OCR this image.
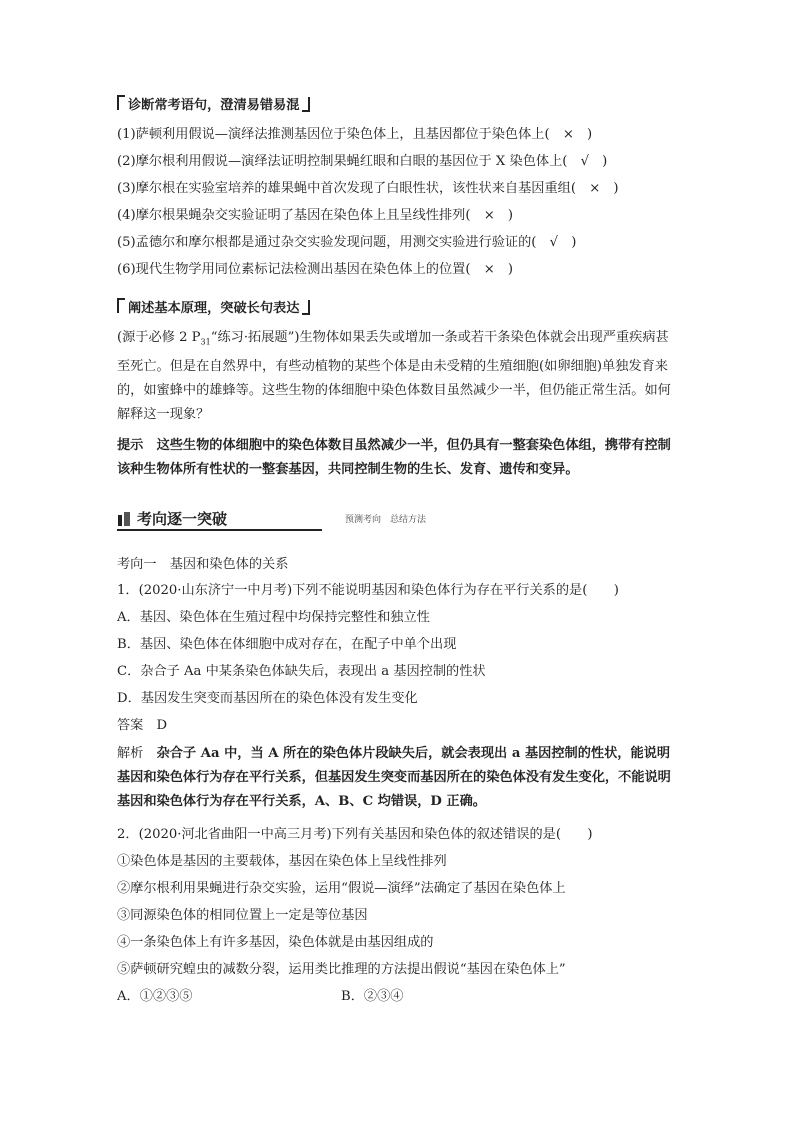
诊断常考语句，澄清易错易混
(1)萨顿利用假说—演绎法推测基因位于染色体上，且基因都位于染色体上(　×　)
(2)摩尔根利用假说—演绎法证明控制果蝇红眼和白眼的基因位于 X 染色体上(　√　)
(3)摩尔根在实验室培养的雄果蝇中首次发现了白眼性状，该性状来自基因重组(　×　)
(4)摩尔根果蝇杂交实验证明了基因在染色体上且呈线性排列(　×　)
(5)孟德尔和摩尔根都是通过杂交实验发现问题，用测交实验进行验证的(　√　)
(6)现代生物学用同位素标记法检测出基因在染色体上的位置(　×　)
阐述基本原理，突破长句表达
(源于必修 2 $P_{31}“$练习·拓展题”)生物体如果丢失或增加一条或若干条染色体就会出现严重疾病甚至死亡。但是在自然界中，有些动植物的某些个体是由未受精的生殖细胞(如卵细胞)单独发育来的，如蜜蜂中的雄蜂等。这些生物的体细胞中染色体数目虽然减少一半，但仍能正常生活。如何解释这一现象？
提示　这些生物的体细胞中的染色体数目虽然减少一半，但仍具有一整套染色体组，携带有控制该种生物体所有性状的一整套基因，共同控制生物的生长、发育、遗传和变异。
考向逐一突破	预测考向　总结方法
考向一　基因和染色体的关系
1．(2020·山东济宁一中月考)下列不能说明基因和染色体行为存在平行关系的是(　　)
A．基因、染色体在生殖过程中均保持完整性和独立性
B．基因、染色体在体细胞中成对存在，在配子中单个出现
C．杂合子 Aa 中某条染色体缺失后，表现出 a 基因控制的性状
D．基因发生突变而基因所在的染色体没有发生变化
答案　D
解析　杂合子 Aa 中，当 A 所在的染色体片段缺失后，就会表现出 a 基因控制的性状，能说明基因和染色体行为存在平行关系，但基因发生突变而基因所在的染色体没有发生变化，不能说明基因和染色体行为存在平行关系，A、B、C 均错误，D 正确。
2．(2020·河北省曲阳一中高三月考)下列有关基因和染色体的叙述错误的是(　　)
①染色体是基因的主要载体，基因在染色体上呈线性排列
②摩尔根利用果蝇进行杂交实验，运用“假说—演绎”法确定了基因在染色体上
③同源染色体的相同位置上一定是等位基因
④一条染色体上有许多基因，染色体就是由基因组成的
⑤萨顿研究蝗虫的减数分裂，运用类比推理的方法提出假说“基因在染色体上”
A．①②③⑤	B．②③④
